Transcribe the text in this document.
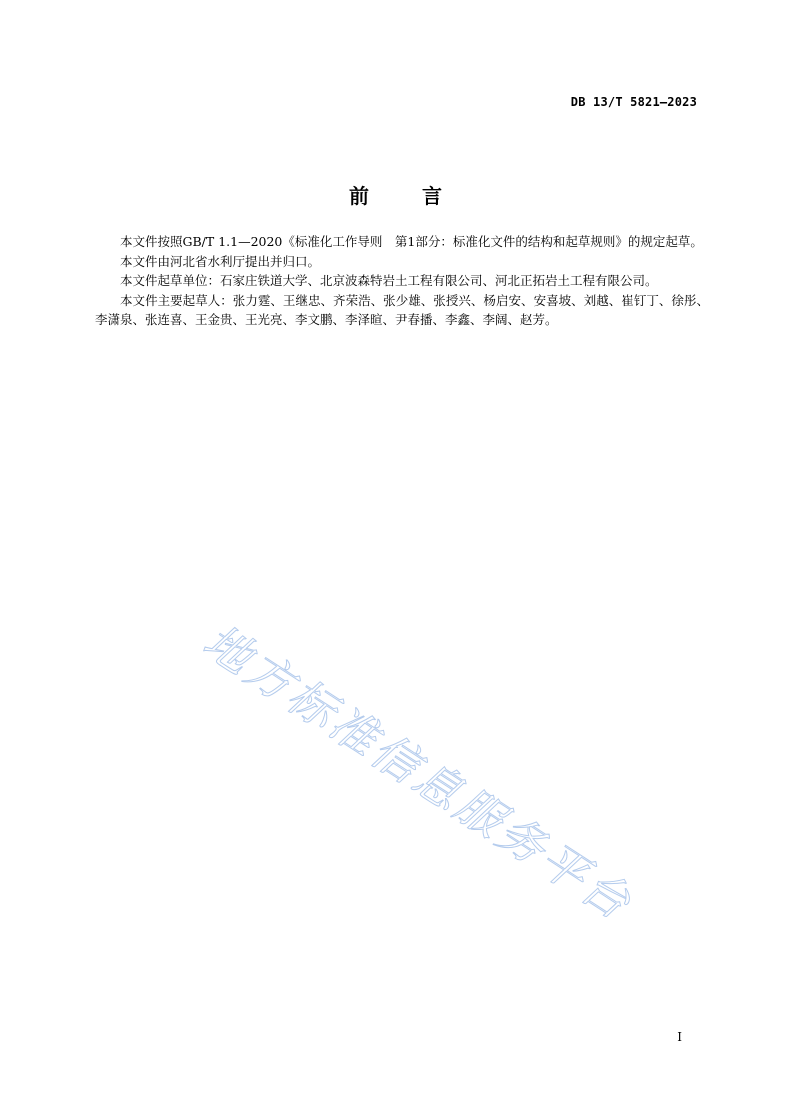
DB 13/T 5821—2023
前	言

本文件按照GB/T 1.1—2020《标准化工作导则　第1部分：标准化文件的结构和起草规则》的规定起草。

本文件由河北省水利厅提出并归口。

本文件起草单位：石家庄铁道大学、北京波森特岩土工程有限公司、河北正拓岩土工程有限公司。

本文件主要起草人：张力霆、王继忠、齐荣浩、张少雄、张授兴、杨启安、安喜坡、刘越、崔钉丁、徐彤、李潇泉、张连喜、王金贵、王光亮、李文鹏、李泽暄、尹春播、李鑫、李阔、赵芳。

地方标准信息服务平台
I
